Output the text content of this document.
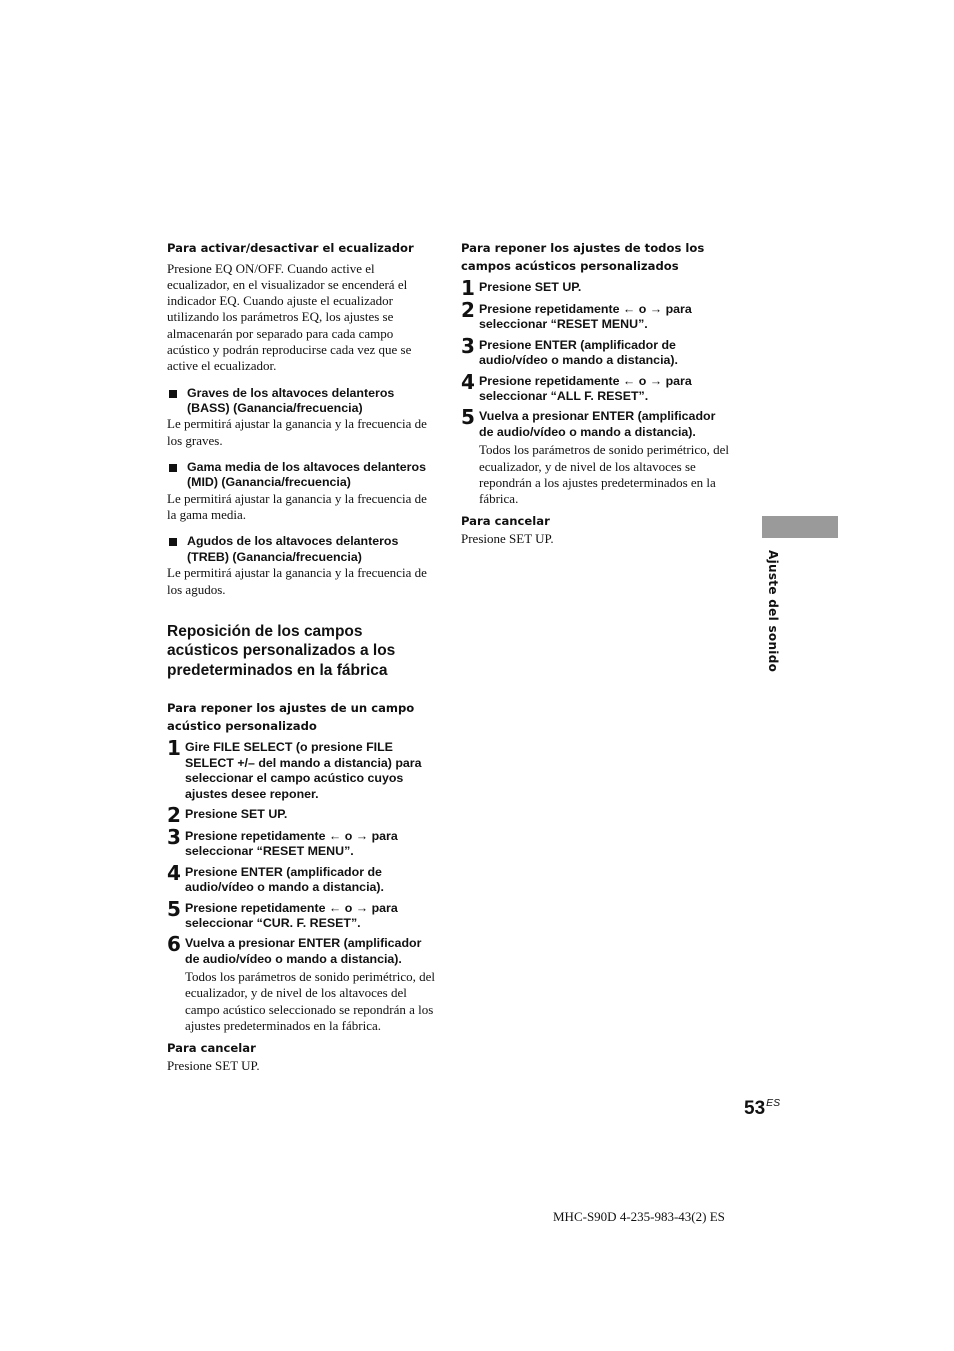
Para activar/desactivar el ecualizador

Presione EQ ON/OFF. Cuando active el ecualizador, en el visualizador se encenderá el indicador EQ. Cuando ajuste el ecualizador utilizando los parámetros EQ, los ajustes se almacenarán por separado para cada campo acústico y podrán reproducirse cada vez que se active el ecualizador.

Graves de los altavoces delanteros (BASS) (Ganancia/frecuencia)

Le permitirá ajustar la ganancia y la frecuencia de los graves.

Gama media de los altavoces delanteros (MID) (Ganancia/frecuencia)

Le permitirá ajustar la ganancia y la frecuencia de la gama media.

Agudos de los altavoces delanteros (TREB) (Ganancia/frecuencia)

Le permitirá ajustar la ganancia y la frecuencia de los agudos.

Reposición de los campos acústicos personalizados a los predeterminados en la fábrica

Para reponer los ajustes de un campo acústico personalizado

1 Gire FILE SELECT (o presione FILE SELECT +/– del mando a distancia) para seleccionar el campo acústico cuyos ajustes desee reponer.
2 Presione SET UP.
3 Presione repetidamente ← o → para seleccionar “RESET MENU”.
4 Presione ENTER (amplificador de audio/vídeo o mando a distancia).
5 Presione repetidamente ← o → para seleccionar “CUR. F. RESET”.
6 Vuelva a presionar ENTER (amplificador de audio/vídeo o mando a distancia).

Todos los parámetros de sonido perimétrico, del ecualizador, y de nivel de los altavoces del campo acústico seleccionado se repondrán a los ajustes predeterminados en la fábrica.

Para cancelar

Presione SET UP.

Para reponer los ajustes de todos los campos acústicos personalizados

1 Presione SET UP.
2 Presione repetidamente ← o → para seleccionar “RESET MENU”.
3 Presione ENTER (amplificador de audio/vídeo o mando a distancia).
4 Presione repetidamente ← o → para seleccionar “ALL F. RESET”.
5 Vuelva a presionar ENTER (amplificador de audio/vídeo o mando a distancia).

Todos los parámetros de sonido perimétrico, del ecualizador, y de nivel de los altavoces se repondrán a los ajustes predeterminados en la fábrica.

Para cancelar

Presione SET UP.

Ajuste del sonido
$53^{ES}$
MHC-S90D 4-235-983-43(2) ES
